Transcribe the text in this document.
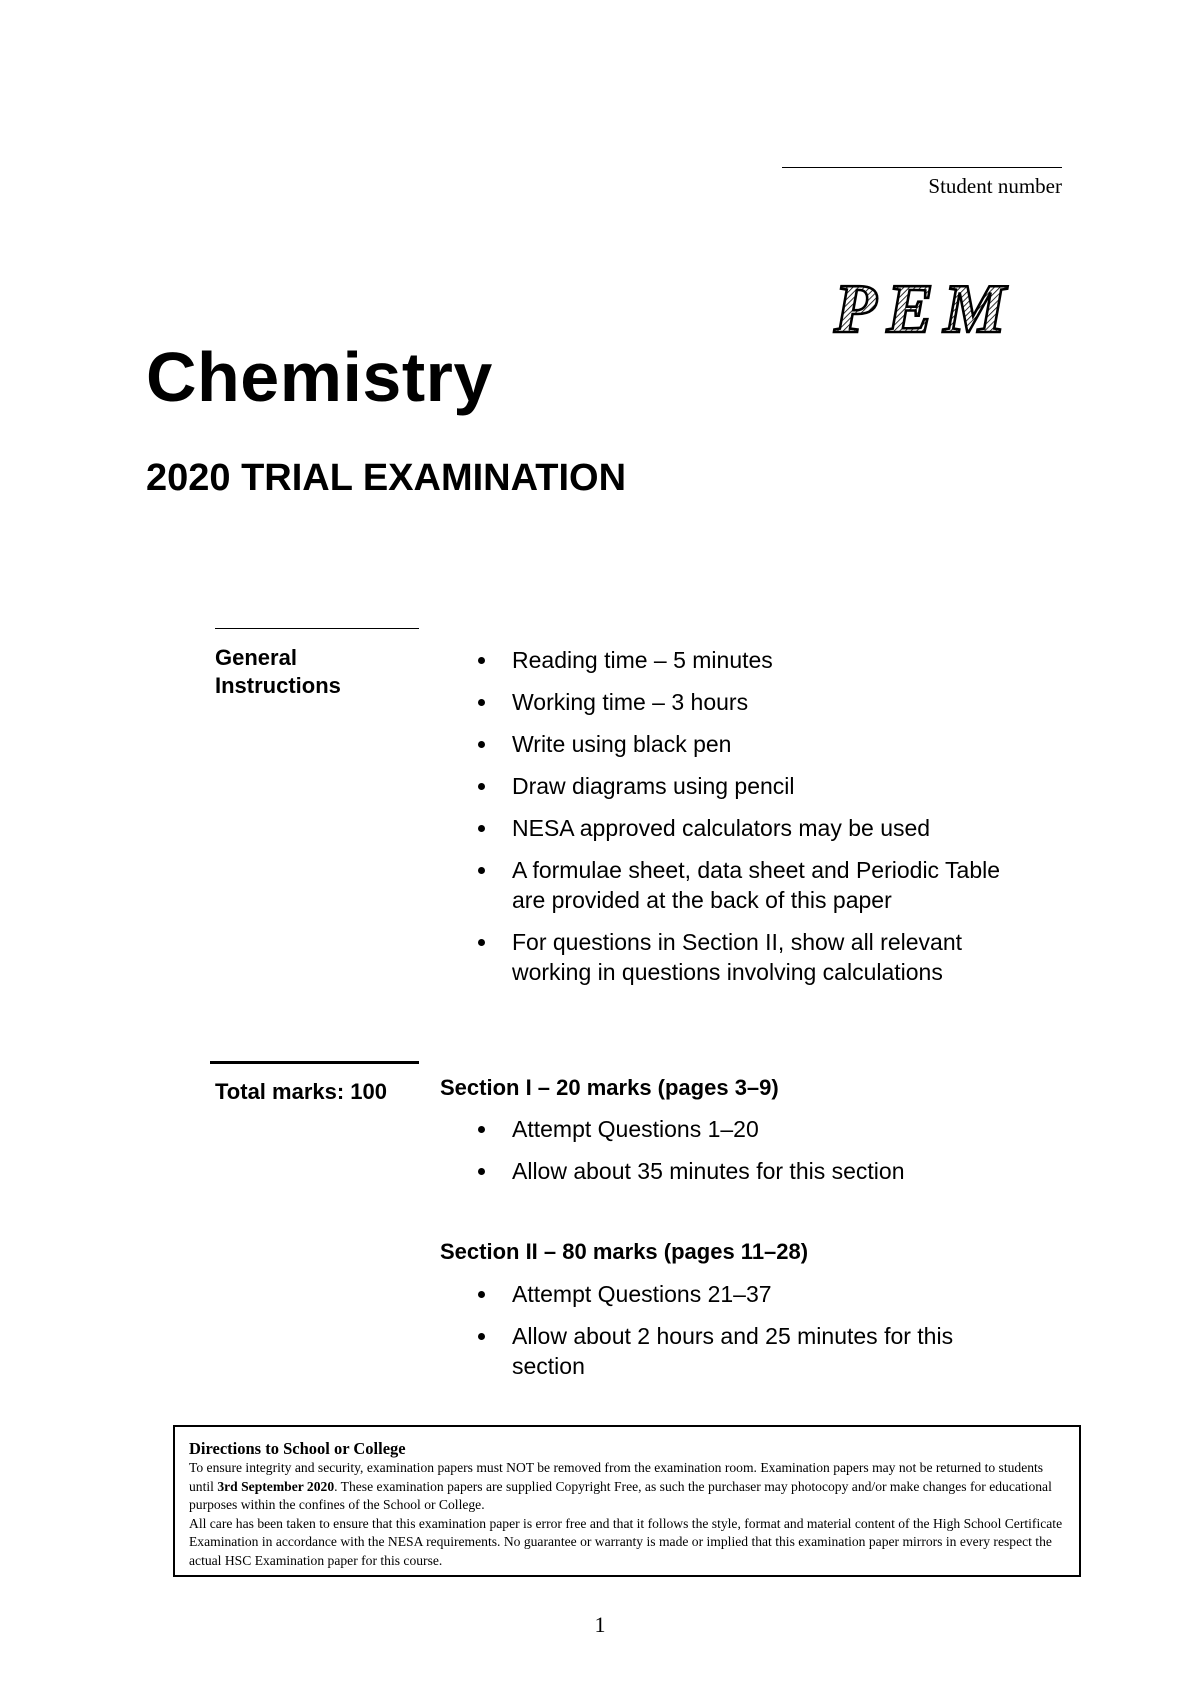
Student number
PEM
Chemistry
2020 TRIAL EXAMINATION
General
Instructions
Reading time – 5 minutes
Working time – 3 hours
Write using black pen
Draw diagrams using pencil
NESA approved calculators may be used
A formulae sheet, data sheet and Periodic Table
are provided at the back of this paper
For questions in Section II, show all relevant
working in questions involving calculations
Total marks: 100 Section I – 20 marks (pages 3–9)
Attempt Questions 1–20
Allow about 35 minutes for this section
Section II – 80 marks (pages 11–28)
Attempt Questions 21–37
Allow about 2 hours and 25 minutes for this
section
Directions to School or College
To ensure integrity and security, examination papers must NOT be removed from the examination room. Examination papers may not be returned to students until 3rd September 2020. These examination papers are supplied Copyright Free, as such the purchaser may photocopy and/or make changes for educational purposes within the confines of the School or College.
All care has been taken to ensure that this examination paper is error free and that it follows the style, format and material content of the High School Certificate Examination in accordance with the NESA requirements. No guarantee or warranty is made or implied that this examination paper mirrors in every respect the actual HSC Examination paper for this course.
1
